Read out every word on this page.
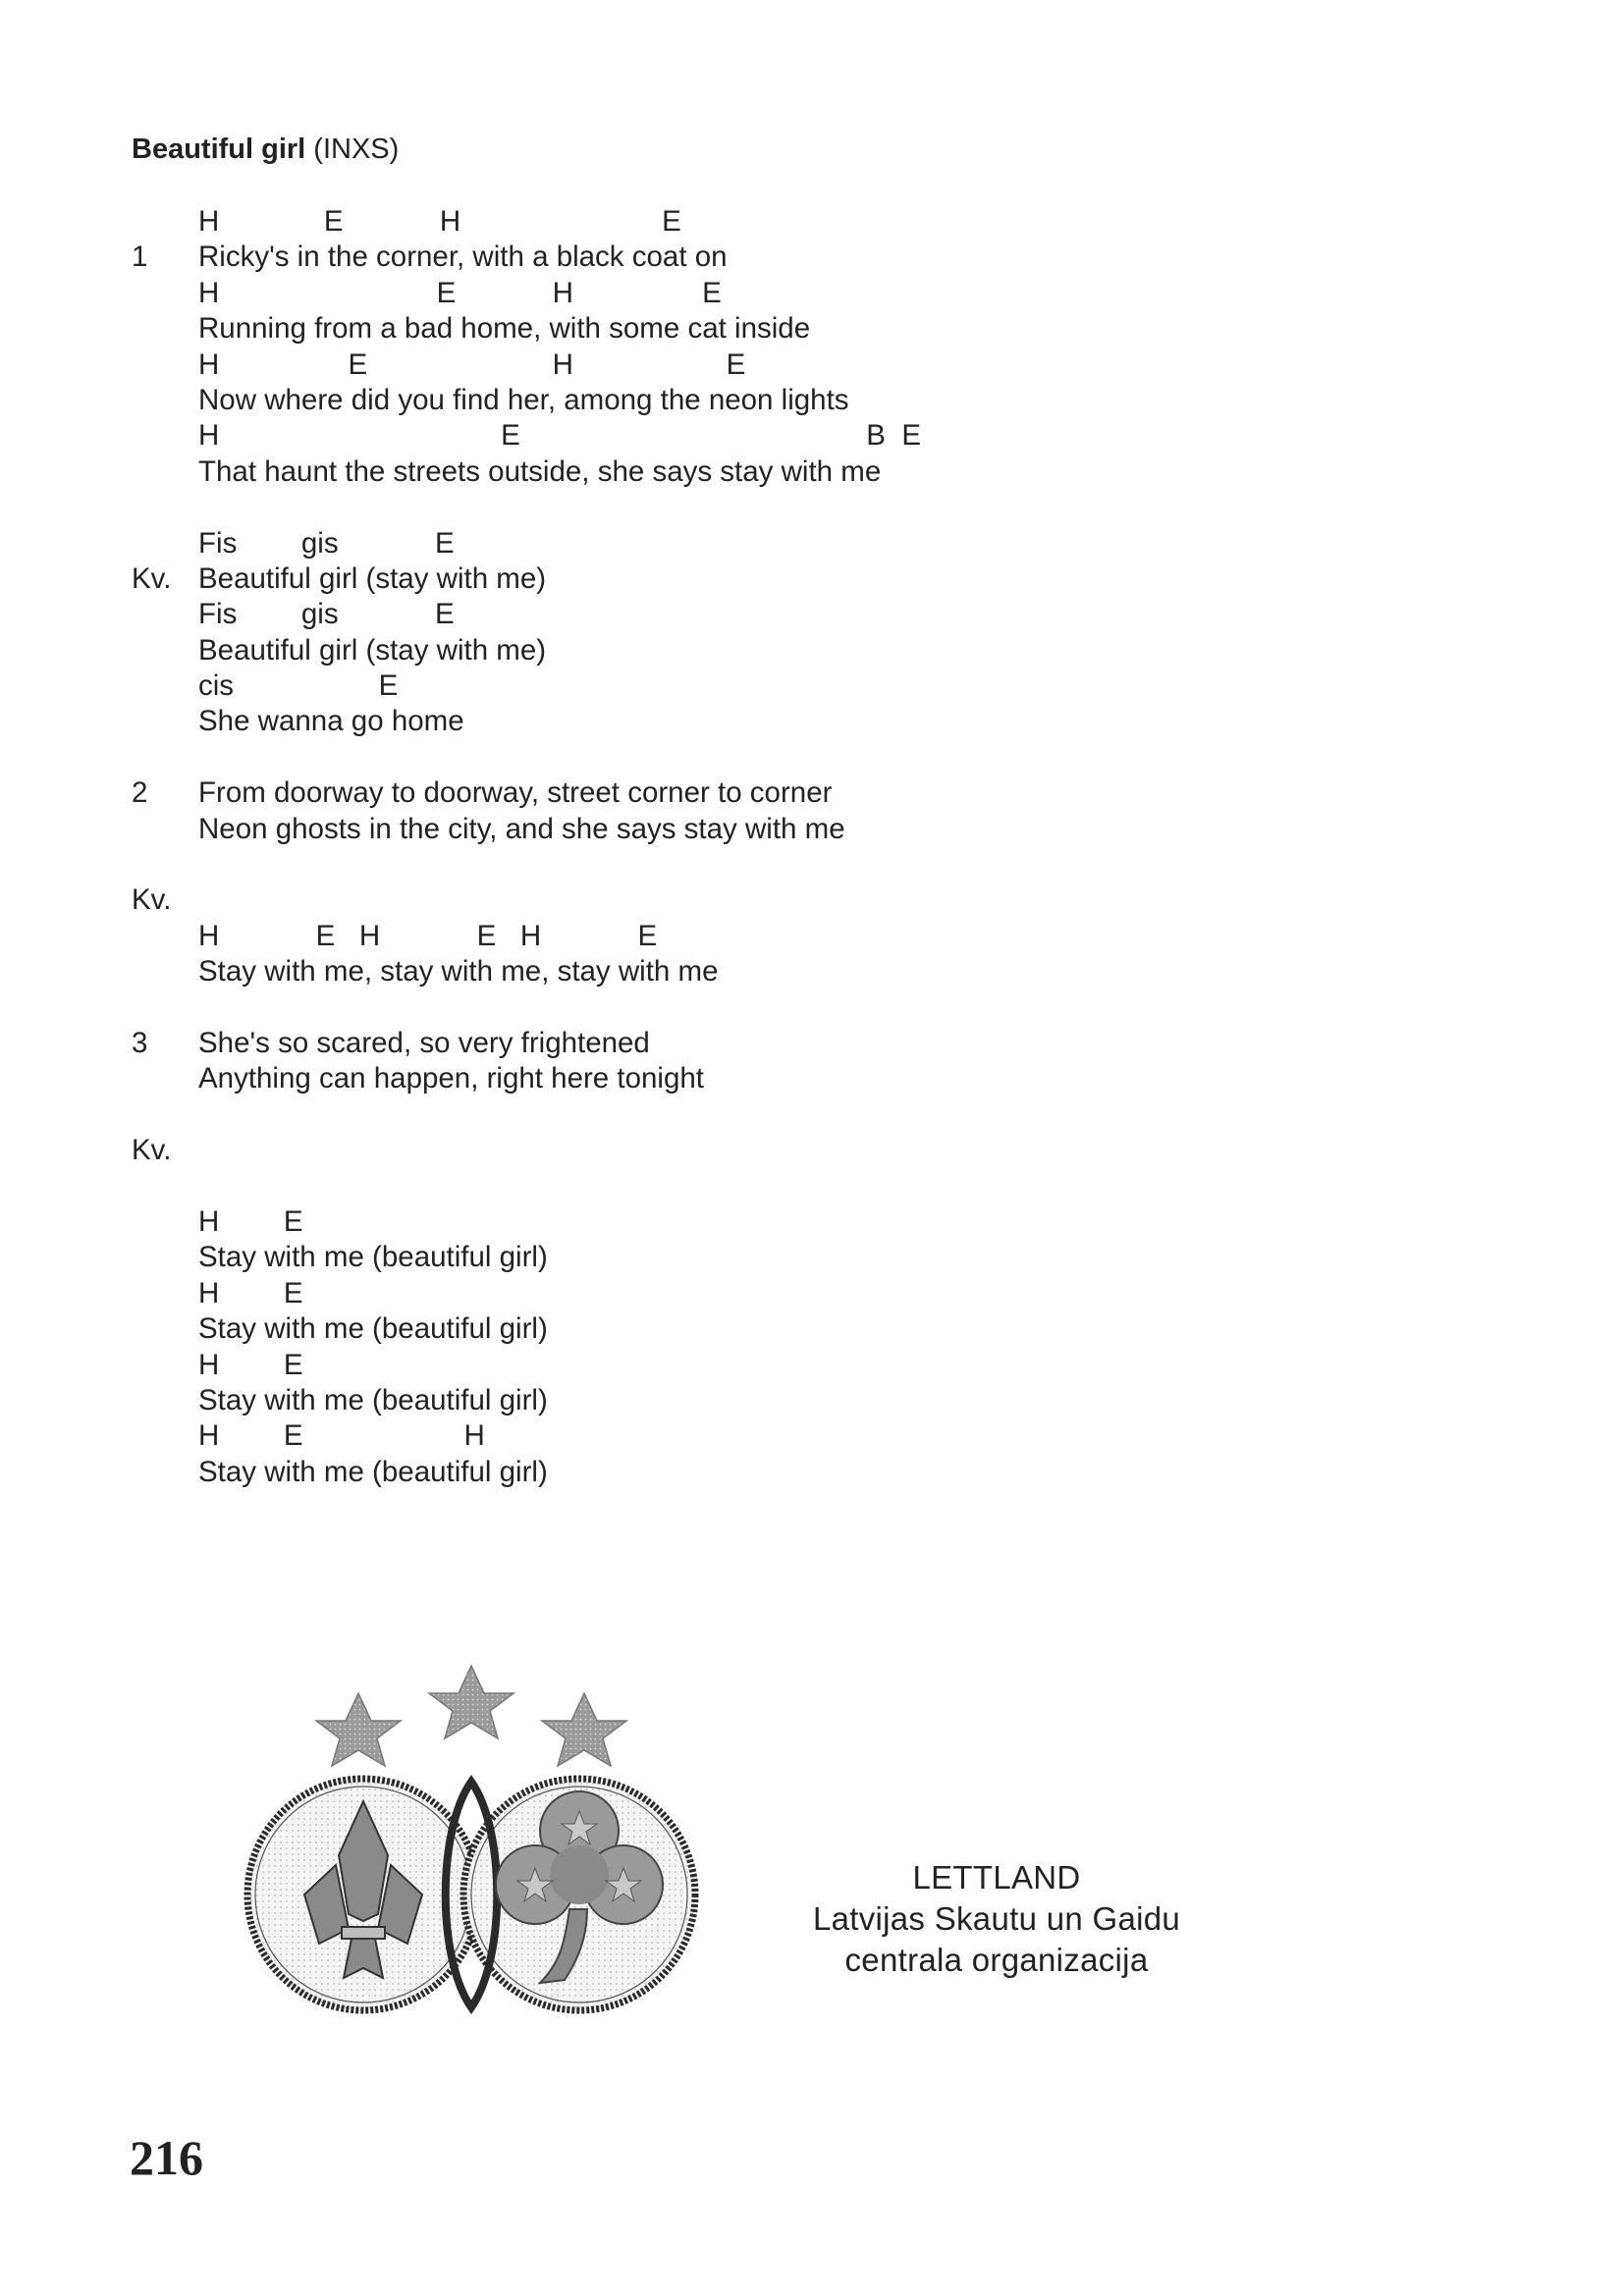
Beautiful girl (INXS)
H             E            H                         E
1 Ricky's in the corner, with a black coat on
H                           E            H                E
Running from a bad home, with some cat inside
H                E                       H                   E
Now where did you find her, among the neon lights
H                                   E                                           B  E
That haunt the streets outside, she says stay with me
Fis        gis            E
Kv. Beautiful girl (stay with me)
Fis        gis            E
Beautiful girl (stay with me)
cis                  E
She wanna go home
2 From doorway to doorway, street corner to corner
Neon ghosts in the city, and she says stay with me
Kv.
H            E   H            E   H            E
Stay with me, stay with me, stay with me
3 She's so scared, so very frightened
Anything can happen, right here tonight
Kv.
H        E
Stay with me (beautiful girl)
H        E
Stay with me (beautiful girl)
H        E
Stay with me (beautiful girl)
H        E                    H
Stay with me (beautiful girl)
LETTLAND
Latvijas Skautu un Gaidu
centrala organizacija
216
